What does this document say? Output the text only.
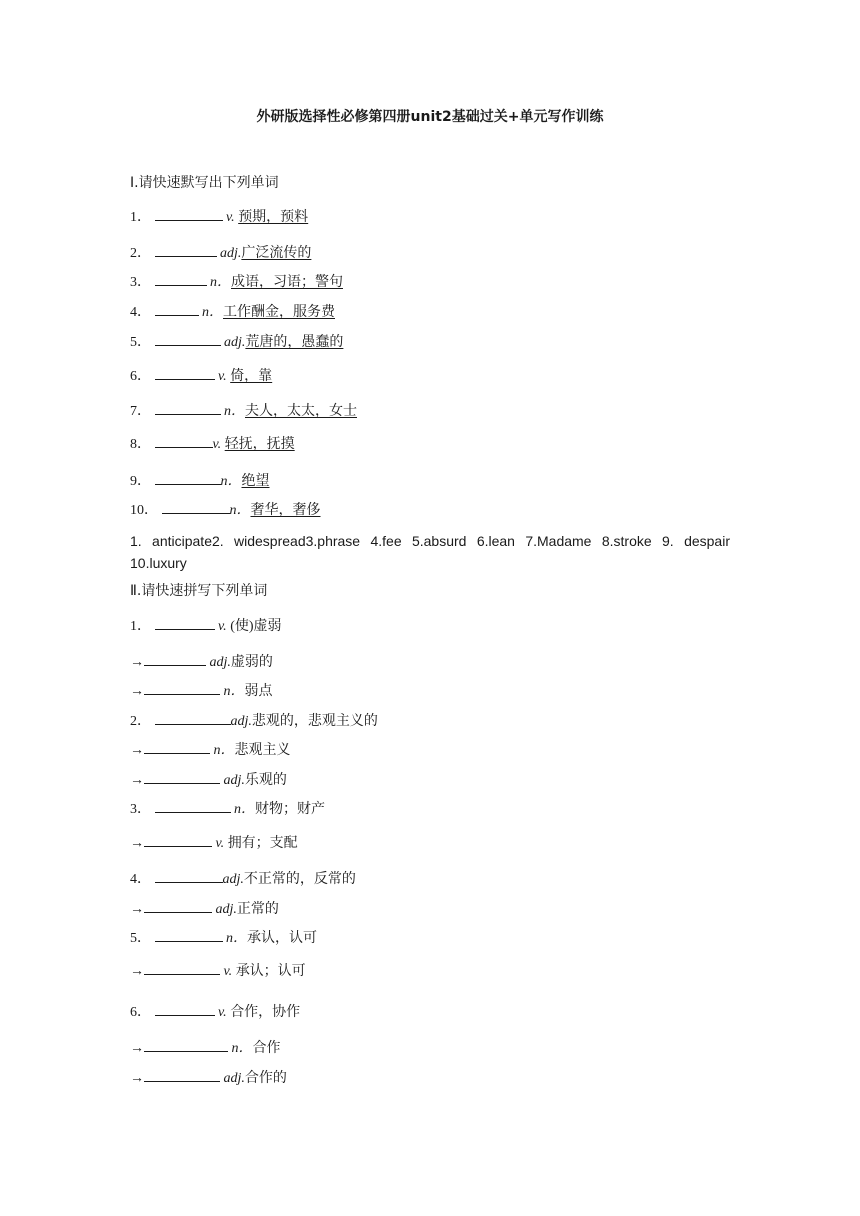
外研版选择性必修第四册unit2基础过关+单元写作训练
Ⅰ.请快速默写出下列单词
1．	v. 预期，预料
2．	adj.广泛流传的
3．	n．成语，习语；警句
4．	n．工作酬金，服务费
5．	adj.荒唐的，愚蠢的
6．	v. 倚，靠
7．	n．夫人，太太，女士
8．	v. 轻抚，抚摸
9．	n．绝望
10．	n．奢华，奢侈
1. anticipate2. widespread3.phrase 4.fee 5.absurd 6.lean 7.Madame 8.stroke 9. despair
10.luxury
Ⅱ.请快速拼写下列单词
1．	v. (使)虚弱
→	adj.虚弱的
→	n．弱点
2．	adj.悲观的，悲观主义的
→	n．悲观主义
→	adj.乐观的
3．	n．财物；财产
→	v. 拥有；支配
4．	adj.不正常的，反常的
→	adj.正常的
5．	n．承认，认可
→	v. 承认；认可
6．	v. 合作，协作
→	n．合作
→	adj.合作的
